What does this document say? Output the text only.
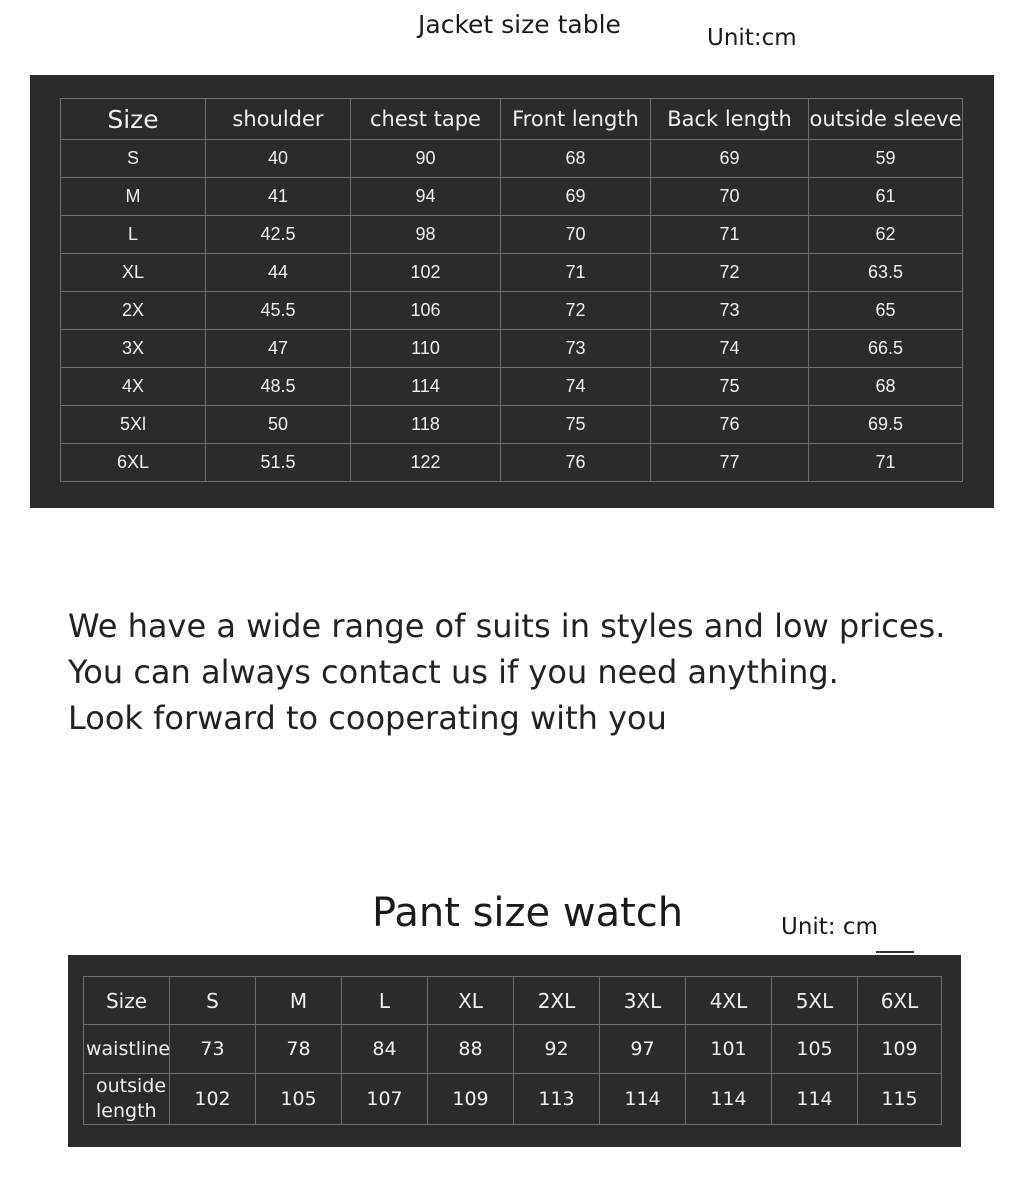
Jacket size table	Unit:cm
Size	shoulder	chest tape	Front length	Back length	outside sleeve
S	40	90	68	69	59
M	41	94	69	70	61
L	42.5	98	70	71	62
XL	44	102	71	72	63.5
2X	45.5	106	72	73	65
3X	47	110	73	74	66.5
4X	48.5	114	74	75	68
5Xl	50	118	75	76	69.5
6XL	51.5	122	76	77	71
We have a wide range of suits in styles and low prices.
You can always contact us if you need anything.
Look forward to cooperating with you
Pant size watch	Unit: cm
Size	S	M	L	XL	2XL	3XL	4XL	5XL	6XL
waistline	73	78	84	88	92	97	101	105	109

outside
length	102	105	107	109	113	114	114	114	115
